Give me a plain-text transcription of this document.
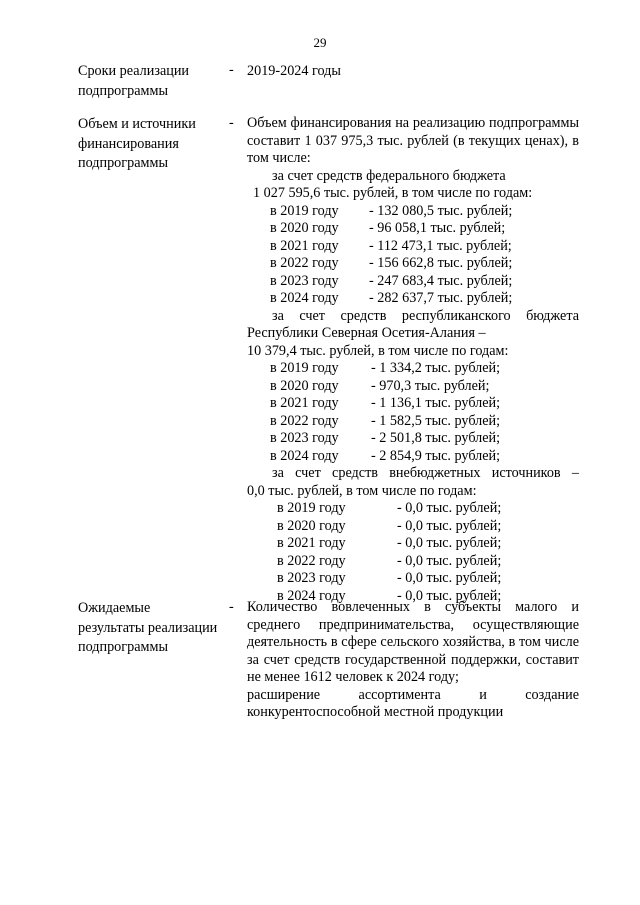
29
Сроки реализации подпрограммы
- 2019-2024 годы
Объем и источники финансирования подпрограммы
- Объем финансирования на реализацию подпрограммы составит 1 037 975,3 тыс. рублей (в текущих ценах), в том числе:
за счет средств федерального бюджета
1 027 595,6 тыс. рублей, в том числе по годам:
в 2019 году	- 132 080,5 тыс. рублей;
в 2020 году	- 96 058,1 тыс. рублей;
в 2021 году	- 112 473,1 тыс. рублей;
в 2022 году	- 156 662,8 тыс. рублей;
в 2023 году	- 247 683,4 тыс. рублей;
в 2024 году	- 282 637,7 тыс. рублей;
за счет средств республиканского бюджета
Республики Северная Осетия-Алания –
10 379,4 тыс. рублей, в том числе по годам:
в 2019 году	- 1 334,2 тыс. рублей;
в 2020 году	- 970,3 тыс. рублей;
в 2021 году	- 1 136,1 тыс. рублей;
в 2022 году	- 1 582,5 тыс. рублей;
в 2023 году	- 2 501,8 тыс. рублей;
в 2024 году	- 2 854,9 тыс. рублей;
за счет средств внебюджетных источников –
0,0 тыс. рублей, в том числе по годам:
в 2019 году	- 0,0 тыс. рублей;
в 2020 году	- 0,0 тыс. рублей;
в 2021 году	- 0,0 тыс. рублей;
в 2022 году	- 0,0 тыс. рублей;
в 2023 году	- 0,0 тыс. рублей;
в 2024 году	- 0,0 тыс. рублей;
Ожидаемые результаты реализации подпрограммы
- Количество вовлеченных в субъекты малого и среднего предпринимательства, осуществляющие деятельность в сфере сельского хозяйства, в том числе за счет средств государственной поддержки, составит не менее 1612 человек к 2024 году;
расширение ассортимента и создание
конкурентоспособной местной продукции
